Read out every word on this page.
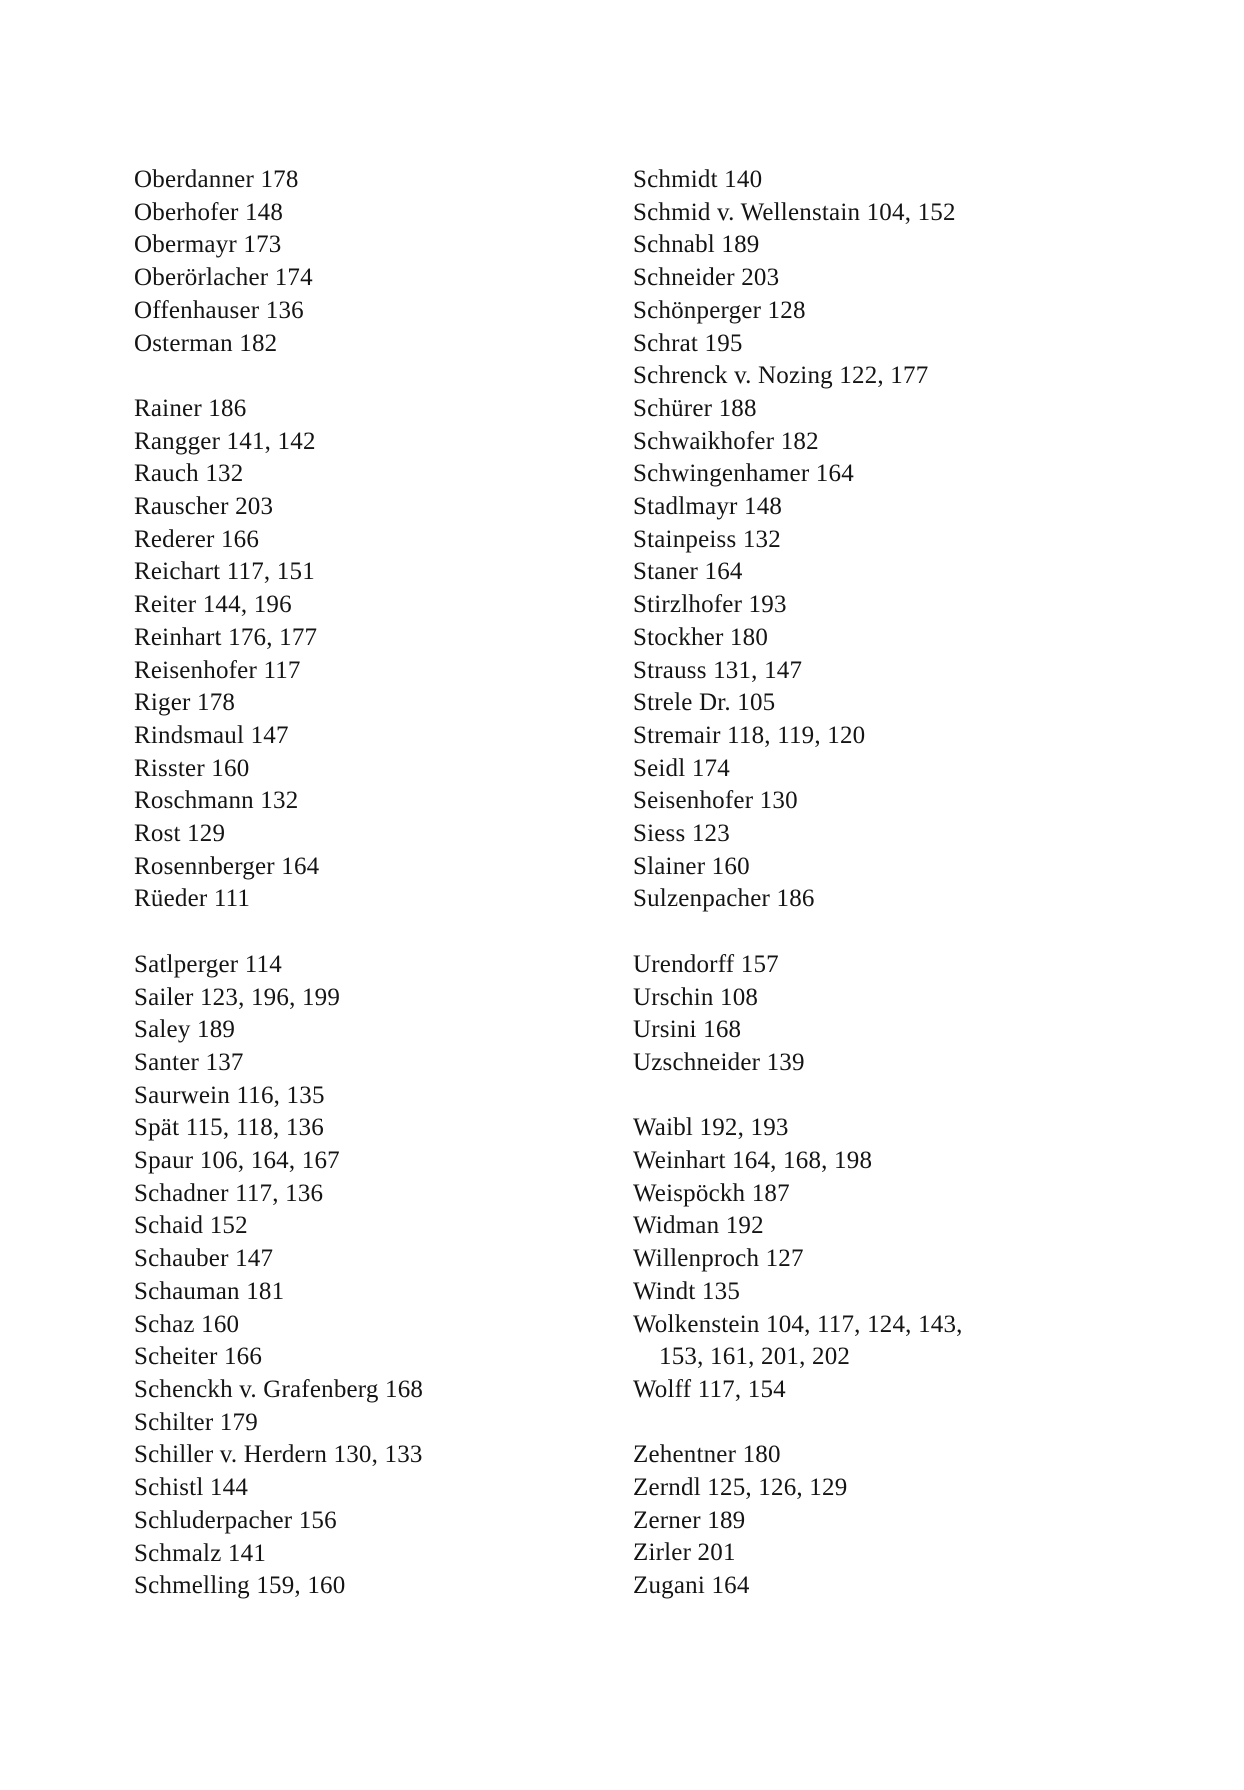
Oberdanner 178
Oberhofer 148
Obermayr 173
Oberörlacher 174
Offenhauser 136
Osterman 182
Rainer 186
Rangger 141, 142
Rauch 132
Rauscher 203
Rederer 166
Reichart 117, 151
Reiter 144, 196
Reinhart 176, 177
Reisenhofer 117
Riger 178
Rindsmaul 147
Risster 160
Roschmann 132
Rost 129
Rosennberger 164
Rüeder 111
Satlperger 114
Sailer 123, 196, 199
Saley 189
Santer 137
Saurwein 116, 135
Spät 115, 118, 136
Spaur 106, 164, 167
Schadner 117, 136
Schaid 152
Schauber 147
Schauman 181
Schaz 160
Scheiter 166
Schenckh v. Grafenberg 168
Schilter 179
Schiller v. Herdern 130, 133
Schistl 144
Schluderpacher 156
Schmalz 141
Schmelling 159, 160
Schmidt 140
Schmid v. Wellenstain 104, 152
Schnabl 189
Schneider 203
Schönperger 128
Schrat 195
Schrenck v. Nozing 122, 177
Schürer 188
Schwaikhofer 182
Schwingenhamer 164
Stadlmayr 148
Stainpeiss 132
Staner 164
Stirzlhofer 193
Stockher 180
Strauss 131, 147
Strele Dr. 105
Stremair 118, 119, 120
Seidl 174
Seisenhofer 130
Siess 123
Slainer 160
Sulzenpacher 186
Urendorff 157
Urschin 108
Ursini 168
Uzschneider 139
Waibl 192, 193
Weinhart 164, 168, 198
Weispöckh 187
Widman 192
Willenproch 127
Windt 135
Wolkenstein 104, 117, 124, 143,
153, 161, 201, 202
Wolff 117, 154
Zehentner 180
Zerndl 125, 126, 129
Zerner 189
Zirler 201
Zugani 164
